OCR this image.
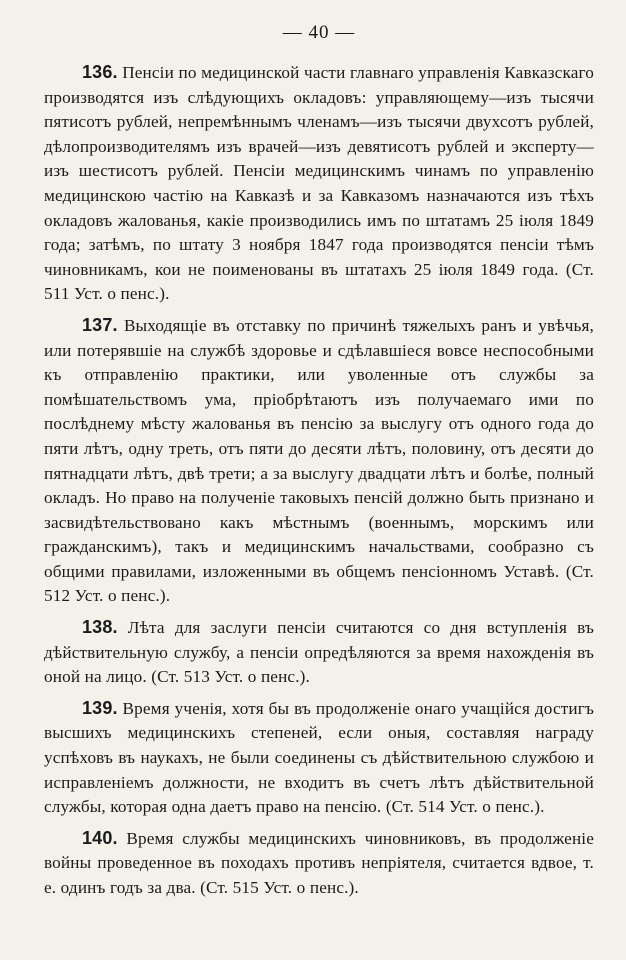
— 40 —

136. Пенсіи по медицинской части главнаго управленія Кавказскаго производятся изъ слѣдующихъ окладовъ: управляющему—изъ тысячи пятисотъ рублей, непремѣннымъ членамъ—изъ тысячи двухсотъ рублей, дѣлопроизводителямъ изъ врачей—изъ девятисотъ рублей и эксперту—изъ шестисотъ рублей. Пенсіи медицинскимъ чинамъ по управленію медицинскою частію на Кавказѣ и за Кавказомъ назначаются изъ тѣхъ окладовъ жалованья, какіе производились имъ по штатамъ 25 іюля 1849 года; затѣмъ, по штату 3 ноября 1847 года производятся пенсіи тѣмъ чиновникамъ, кои не поименованы въ штатахъ 25 іюля 1849 года. (Ст. 511 Уст. о пенс.).

137. Выходящіе въ отставку по причинѣ тяжелыхъ ранъ и увѣчья, или потерявшіе на службѣ здоровье и сдѣлавшіеся вовсе неспособными къ отправленію практики, или уволенные отъ службы за помѣшательствомъ ума, пріобрѣтаютъ изъ получаемаго ими по послѣднему мѣсту жалованья въ пенсію за выслугу отъ одного года до пяти лѣтъ, одну треть, отъ пяти до десяти лѣтъ, половину, отъ десяти до пятнадцати лѣтъ, двѣ трети; а за выслугу двадцати лѣтъ и болѣе, полный окладъ. Но право на полученіе таковыхъ пенсій должно быть признано и засвидѣтельствовано какъ мѣстнымъ (военнымъ, морскимъ или гражданскимъ), такъ и медицинскимъ начальствами, сообразно съ общими правилами, изложенными въ общемъ пенсіонномъ Уставѣ. (Ст. 512 Уст. о пенс.).

138. Лѣта для заслуги пенсіи считаются со дня вступленія въ дѣйствительную службу, а пенсіи опредѣляются за время нахожденія въ оной на лицо. (Ст. 513 Уст. о пенс.).

139. Время ученія, хотя бы въ продолженіе онаго учащійся достигъ высшихъ медицинскихъ степеней, если оныя, составляя награду успѣховъ въ наукахъ, не были соединены съ дѣйствительною службою и исправленіемъ должности, не входитъ въ счетъ лѣтъ дѣйствительной службы, которая одна даетъ право на пенсію. (Ст. 514 Уст. о пенс.).

140. Время службы медицинскихъ чиновниковъ, въ продолженіе войны проведенное въ походахъ противъ непріятеля, считается вдвое, т. е. одинъ годъ за два. (Ст. 515 Уст. о пенс.).
